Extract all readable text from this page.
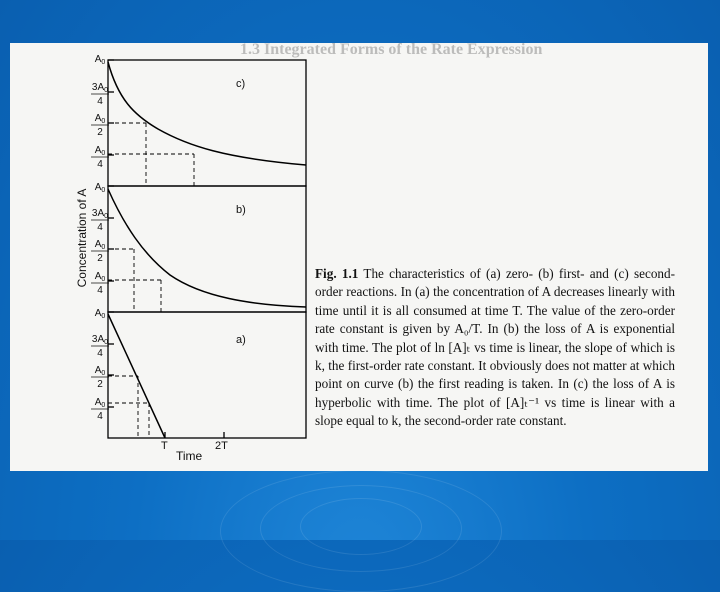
1.3 Integrated Forms of the Rate Expression
Concentration of A
c)
b)
a)
T	2T
Time
$A_0$
$3A_0$
4
$A_0$
2
$A_0$
4
$A_0$
$3A_0$
4
$A_0$
2
$A_0$
4
$A_0$
$3A_0$
4
$A_0$
2
$A_0$
4
Fig. 1.1 The characteristics of (a) zero- (b) first- and (c) second-order reactions. In (a) the concentration of A decreases linearly with time until it is all consumed at time T. The value of the zero-order rate constant is given by A₀/T. In (b) the loss of A is exponential with time. The plot of ln [A]ₜ vs time is linear, the slope of which is k, the first-order rate constant. It obviously does not matter at which point on curve (b) the first reading is taken. In (c) the loss of A is hyperbolic with time. The plot of [A]ₜ⁻¹ vs time is linear with a slope equal to k, the second-order rate constant.
